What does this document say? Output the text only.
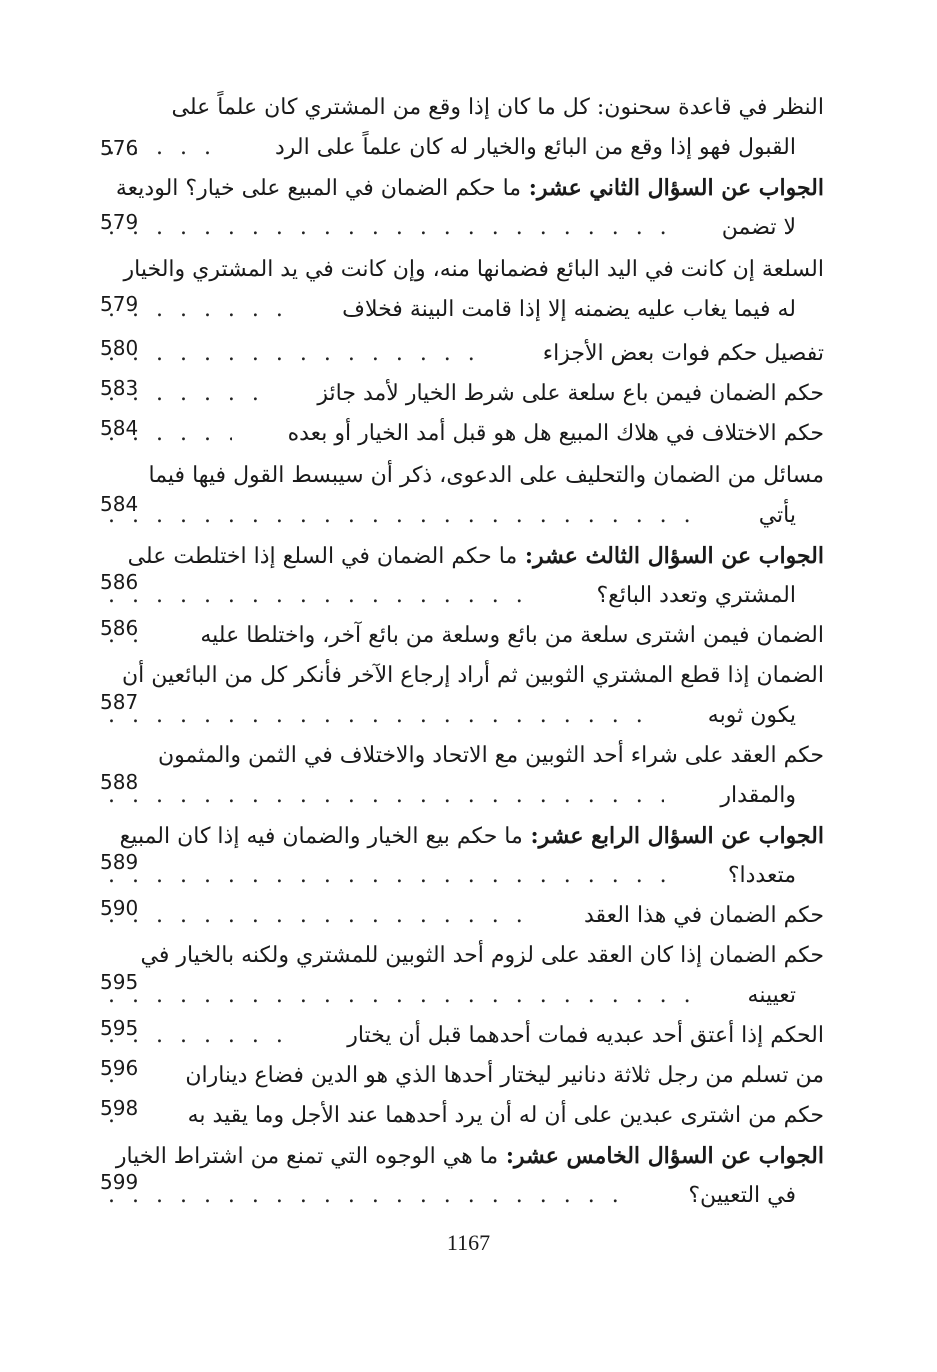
النظر في قاعدة سحنون: كل ما كان إذا وقع من المشتري كان علماً على
القبول فهو إذا وقع من البائع والخيار له كان علماً على الرد
. . .
576
الجواب عن السؤال الثاني عشر: ما حكم الضمان في المبيع على خيار؟ الوديعة
لا تضمن
. . .
579
السلعة إن كانت في اليد البائع فضمانها منه، وإن كانت في يد المشتري والخيار
له فيما يغاب عليه يضمنه إلا إذا قامت البينة فخلاف
. . .
579
تفصيل حكم فوات بعض الأجزاء
. . .
580
حكم الضمان فيمن باع سلعة على شرط الخيار لأمد جائز
. . .
583
حكم الاختلاف في هلاك المبيع هل هو قبل أمد الخيار أو بعده
. . .
584
مسائل من الضمان والتحليف على الدعوى، ذكر أن سيبسط القول فيها فيما
يأتي
. . .
584
الجواب عن السؤال الثالث عشر: ما حكم الضمان في السلع إذا اختلطت على
المشتري وتعدد البائع؟
. . .
586
الضمان فيمن اشترى سلعة من بائع وسلعة من بائع آخر، واختلطا عليه
. . .
586
الضمان إذا قطع المشتري الثوبين ثم أراد إرجاع الآخر فأنكر كل من البائعين أن
يكون ثوبه
. . .
587
حكم العقد على شراء أحد الثوبين مع الاتحاد والاختلاف في الثمن والمثمون
والمقدار
. . .
588
الجواب عن السؤال الرابع عشر: ما حكم بيع الخيار والضمان فيه إذا كان المبيع
متعددا؟
. . .
589
حكم الضمان في هذا العقد
. . .
590
حكم الضمان إذا كان العقد على لزوم أحد الثوبين للمشتري ولكنه بالخيار في
تعيينه
. . .
595
الحكم إذا أعتق أحد عبديه فمات أحدهما قبل أن يختار
. . .
595
من تسلم من رجل ثلاثة دنانير ليختار أحدها الذي هو الدين فضاع ديناران
. . .
596
حكم من اشترى عبدين على أن له أن يرد أحدهما عند الأجل وما يقيد به
. . .
598
الجواب عن السؤال الخامس عشر: ما هي الوجوه التي تمنع من اشتراط الخيار
في التعيين؟
. . .
599
1167
